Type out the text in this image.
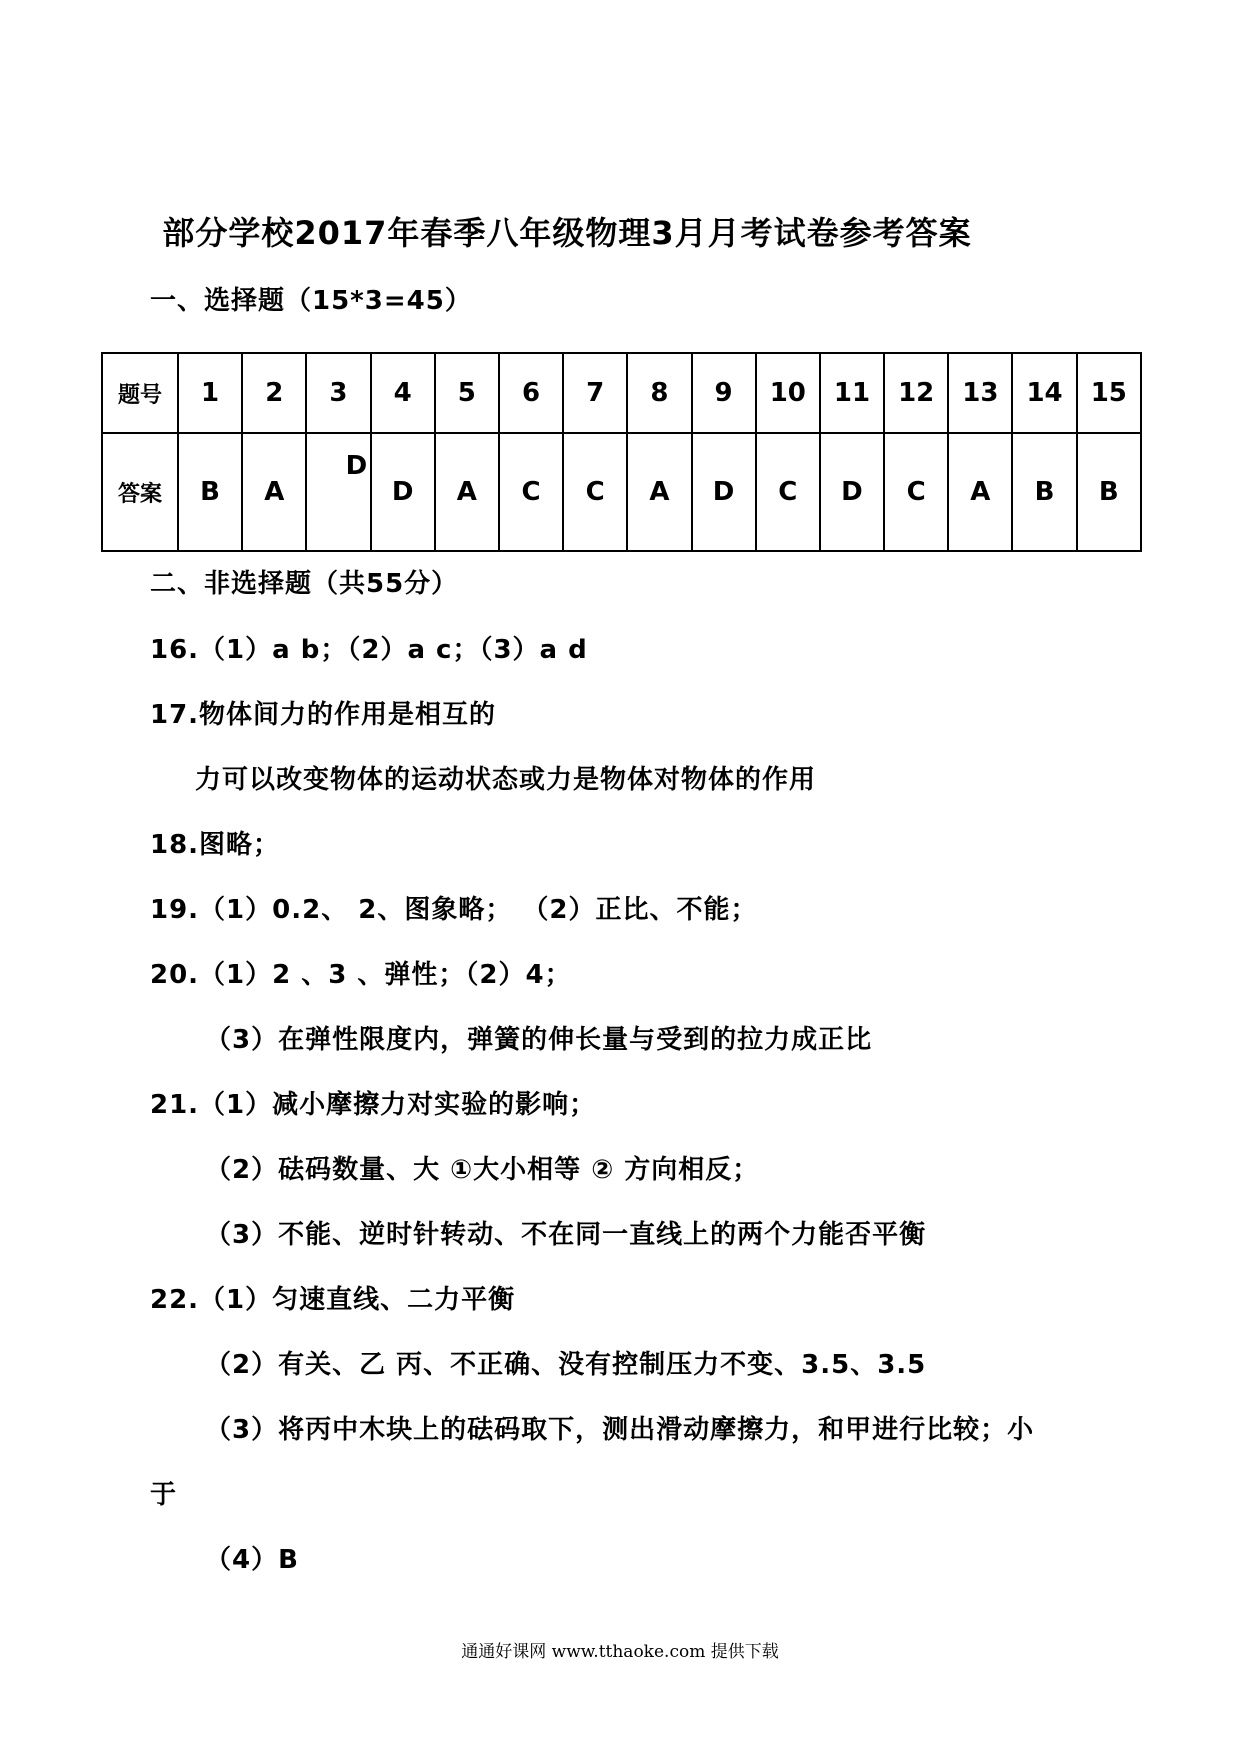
部分学校2017年春季八年级物理3月月考试卷参考答案
一、选择题（15*3=45）
题号	1	2	3	4	5	6	7	8	9	10	11	12	13	14	15
答案	B	A	D	D	A	C	C	A	D	C	D	C	A	B	B
二、非选择题（共55分）
16.（1）a b；（2）a c；（3）a d
17.物体间力的作用是相互的
力可以改变物体的运动状态或力是物体对物体的作用
18.图略；
19.（1）0.2、 2、图象略； （2）正比、不能；
20.（1）2 、3 、弹性；（2）4；
（3）在弹性限度内，弹簧的伸长量与受到的拉力成正比
21.（1）减小摩擦力对实验的影响；
（2）砝码数量、大 ①大小相等 ② 方向相反；
（3）不能、逆时针转动、不在同一直线上的两个力能否平衡
22.（1）匀速直线、二力平衡
（2）有关、乙 丙、不正确、没有控制压力不变、3.5、3.5
（3）将丙中木块上的砝码取下，测出滑动摩擦力，和甲进行比较；小
于
（4）B
通通好课网 www.tthaoke.com 提供下载
